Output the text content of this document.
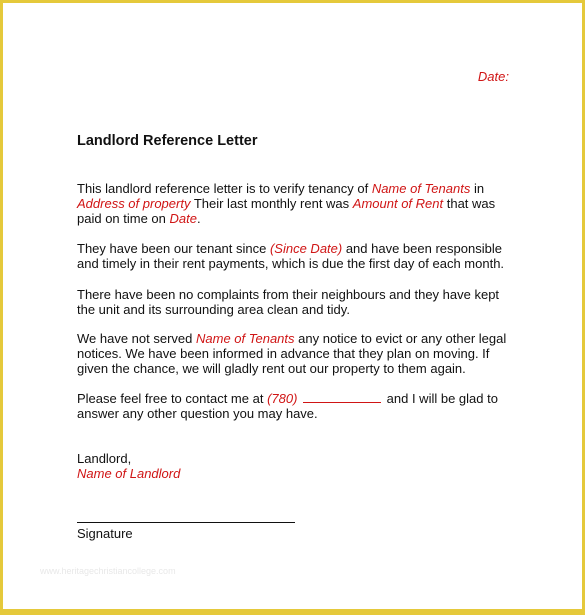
Date:
Landlord Reference Letter

This landlord reference letter is to verify tenancy of Name of Tenants in Address of property Their last monthly rent was Amount of Rent that was paid on time on Date.

They have been our tenant since (Since Date) and have been responsible and timely in their rent payments, which is due the first day of each month.

There have been no complaints from their neighbours and they have kept the unit and its surrounding area clean and tidy.

We have not served Name of Tenants any notice to evict or any other legal notices. We have been informed in advance that they plan on moving. If given the chance, we will gladly rent out our property to them again.

Please feel free to contact me at (780)	and I will be glad to answer any other question you may have.

Landlord,
Name of Landlord
Signature
www.heritagechristiancollege.com
